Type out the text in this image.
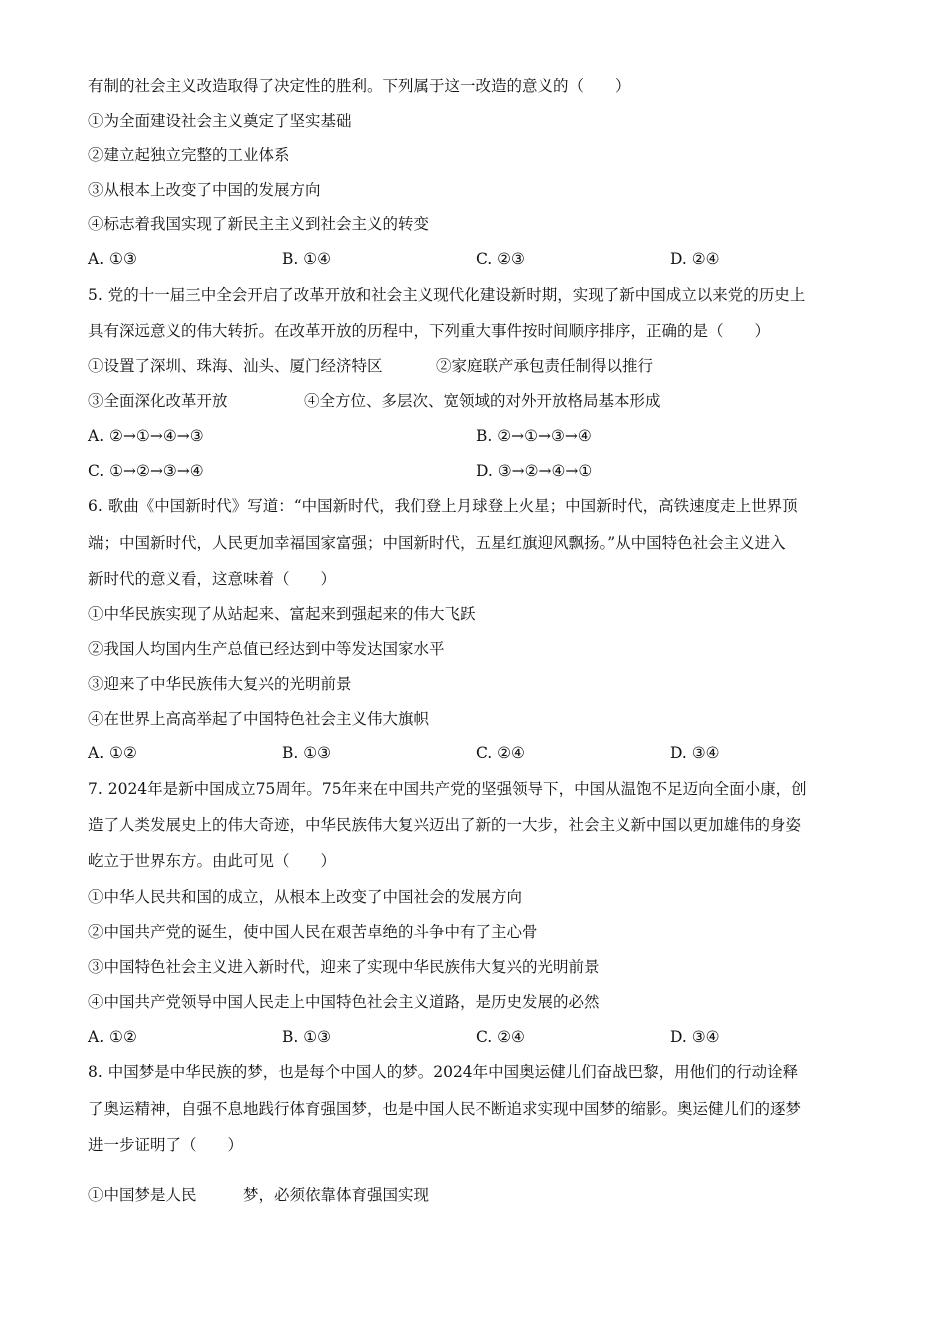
有制的社会主义改造取得了决定性的胜利。下列属于这一改造的意义的（　　）
①为全面建设社会主义奠定了坚实基础
②建立起独立完整的工业体系
③从根本上改变了中国的发展方向
④标志着我国实现了新民主主义到社会主义的转变
A. ①③	B. ①④	C. ②③	D. ②④
5. 党的十一届三中全会开启了改革开放和社会主义现代化建设新时期，实现了新中国成立以来党的历史上
具有深远意义的伟大转折。在改革开放的历程中，下列重大事件按时间顺序排序，正确的是（　　）
①设置了深圳、珠海、汕头、厦门经济特区	②家庭联产承包责任制得以推行
③全面深化改革开放	④全方位、多层次、宽领域的对外开放格局基本形成
A. ②→①→④→③	B. ②→①→③→④
C. ①→②→③→④	D. ③→②→④→①
6. 歌曲《中国新时代》写道：“中国新时代，我们登上月球登上火星；中国新时代，高铁速度走上世界顶
端；中国新时代，人民更加幸福国家富强；中国新时代，五星红旗迎风飘扬。”从中国特色社会主义进入
新时代的意义看，这意味着（　　）
①中华民族实现了从站起来、富起来到强起来的伟大飞跃
②我国人均国内生产总值已经达到中等发达国家水平
③迎来了中华民族伟大复兴的光明前景
④在世界上高高举起了中国特色社会主义伟大旗帜
A. ①②	B. ①③	C. ②④	D. ③④
7. 2024年是新中国成立75周年。75年来在中国共产党的坚强领导下，中国从温饱不足迈向全面小康，创
造了人类发展史上的伟大奇迹，中华民族伟大复兴迈出了新的一大步，社会主义新中国以更加雄伟的身姿
屹立于世界东方。由此可见（　　）
①中华人民共和国的成立，从根本上改变了中国社会的发展方向
②中国共产党的诞生，使中国人民在艰苦卓绝的斗争中有了主心骨
③中国特色社会主义进入新时代，迎来了实现中华民族伟大复兴的光明前景
④中国共产党领导中国人民走上中国特色社会主义道路，是历史发展的必然
A. ①②	B. ①③	C. ②④	D. ③④
8. 中国梦是中华民族的梦，也是每个中国人的梦。2024年中国奥运健儿们奋战巴黎，用他们的行动诠释
了奥运精神，自强不息地践行体育强国梦，也是中国人民不断追求实现中国梦的缩影。奥运健儿们的逐梦
进一步证明了（　　）
①中国梦是人民　　　梦，必须依靠体育强国实现
